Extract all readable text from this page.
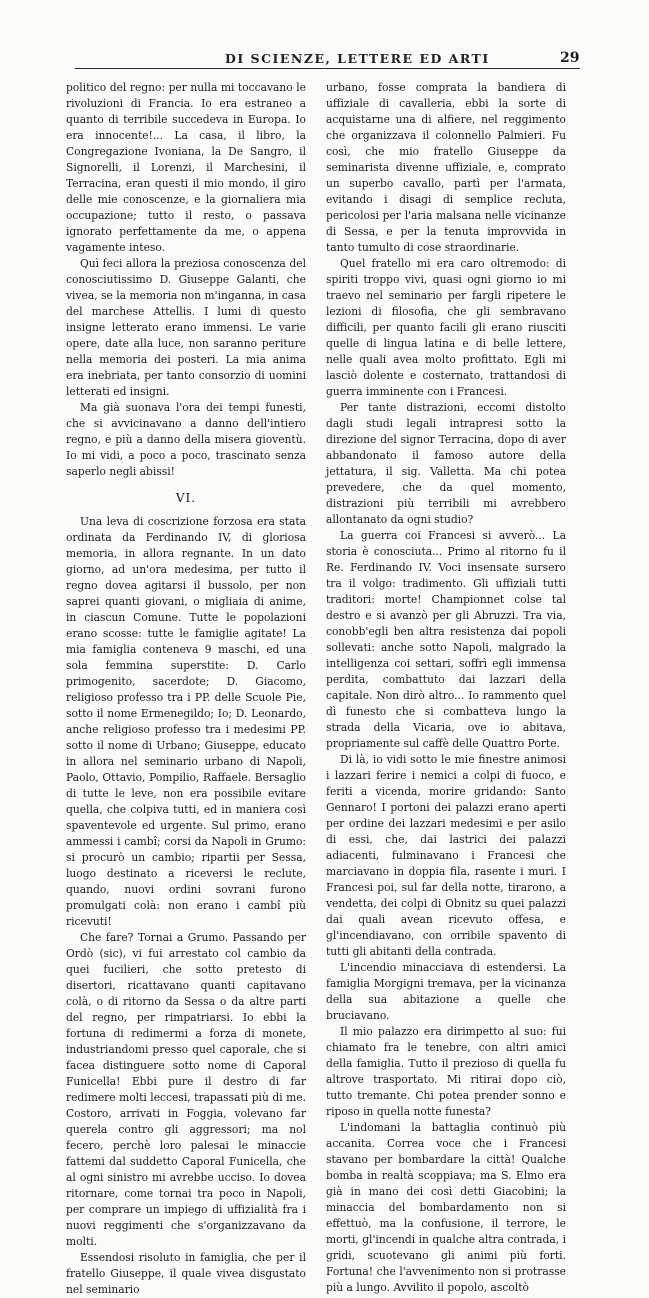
DI SCIENZE, LETTERE ED ARTI	29

politico del regno: per nulla mi toccavano le rivoluzioni di Francia. Io era estraneo a quanto di terribile succedeva in Europa. Io era innocente!... La casa, il libro, la Congregazione Ivoniana, la De Sangro, il Signorelli, il Lorenzi, il Marchesini, il Terracina, eran questi il mio mondo, il giro delle mie conoscenze, e la giornaliera mia occupazione; tutto il resto, o passava ignorato perfettamente da me, o appena vagamente inteso.

Quì feci allora la preziosa conoscenza del conosciutissimo D. Giuseppe Galanti, che vivea, se la memoria non m'inganna, in casa del marchese Attellis. I lumi di questo insigne letterato erano immensi. Le varie opere, date alla luce, non saranno periture nella memoria dei posteri. La mia anima era inebriata, per tanto consorzio di uomini letterati ed insigni.

Ma già suonava l'ora dei tempi funesti, che si avvicinavano a danno dell'intiero regno, e più a danno della misera gioventù. Io mi vidi, a poco a poco, trascinato senza saperlo negli abissi!

VI.

Una leva di coscrizione forzosa era stata ordinata da Ferdinando IV, di gloriosa memoria, in allora regnante. In un dato giorno, ad un'ora medesima, per tutto il regno dovea agitarsi il bussolo, per non saprei quanti giovani, o migliaia di anime, in ciascun Comune. Tutte le popolazioni erano scosse: tutte le famiglie agitate! La mia famiglia conteneva 9 maschi, ed una sola femmina superstite: D. Carlo primogenito, sacerdote; D. Giacomo, religioso professo tra i PP. delle Scuole Pie, sotto il nome Ermenegildo; Io; D. Leonardo, anche religioso professo tra i medesimi PP. sotto il nome di Urbano; Giuseppe, educato in allora nel seminario urbano di Napoli, Paolo, Ottavio, Pompilio, Raffaele. Bersaglio di tutte le leve, non era possibile evitare quella, che colpiva tutti, ed in maniera così spaventevole ed urgente. Sul primo, erano ammessi i cambî; corsi da Napoli in Grumo: si procurò un cambio; ripartii per Sessa, luogo destinato a riceversi le reclute, quando, nuovi ordini sovrani furono promulgati colà: non erano i cambî più ricevuti!

Che fare? Tornai a Grumo. Passando per Ordò (sic), vi fui arrestato col cambio da quei fucilieri, che sotto pretesto di disertori, ricattavano quanti capitavano colà, o di ritorno da Sessa o da altre parti del regno, per rimpatriarsi. Io ebbi la fortuna di redimermi a forza di monete, industriandomi presso quel caporale, che si facea distinguere sotto nome di Caporal Funicella! Ebbi pure il destro di far redimere molti leccesi, trapassati più di me. Costoro, arrivati in Foggia, volevano far querela contro gli aggressori; ma nol fecero, perchè loro palesai le minaccie fattemi dal suddetto Caporal Funicella, che al ogni sinistro mi avrebbe ucciso. Io dovea ritornare, come tornai tra poco in Napoli, per comprare un impiego di uffizialità fra i nuovi reggimenti che s'organizzavano da molti.

Essendosi risoluto in famiglia, che per il fratello Giuseppe, il quale vivea disgustato nel seminario

urbano, fosse comprata la bandiera di uffiziale di cavalleria, ebbi la sorte di acquistarne una di alfiere, nel reggimento che organizzava il colonnello Palmieri. Fu così, che mio fratello Giuseppe da seminarista divenne uffiziale, e, comprato un superbo cavallo, partì per l'armata, evitando i disagi di semplice recluta, pericolosi per l'aria malsana nelle vicinanze di Sessa, e per la tenuta improvvida in tanto tumulto di cose straordinarie.

Quel fratello mi era caro oltremodo: di spiriti troppo vivi, quasi ogni giorno io mi traevo nel seminario per fargli ripetere le lezioni di filosofia, che gli sembravano difficili, per quanto facili gli erano riusciti quelle di lingua latina e di belle lettere, nelle quali avea molto profittato. Egli mi lasciò dolente e costernato, trattandosi di guerra imminente con i Francesi.

Per tante distrazioni, eccomi distolto dagli studi legali intrapresi sotto la direzione del signor Terracina, dopo di aver abbandonato il famoso autore della jettatura, il sig. Valletta. Ma chi potea prevedere, che da quel momento, distrazioni più terribili mi avrebbero allontanato da ogni studio?

La guerra coi Francesi si avverò... La storia è conosciuta... Primo al ritorno fu il Re. Ferdinando IV. Voci insensate sursero tra il volgo: tradimento. Gli uffiziali tutti traditori: morte! Championnet colse tal destro e si avanzò per gli Abruzzi. Tra via, conobb'egli ben altra resistenza dai popoli sollevati: anche sotto Napoli, malgrado la intelligenza coi settari, soffrì egli immensa perdita, combattuto dai lazzari della capitale. Non dirò altro... Io rammento quel dì funesto che si combatteva lungo la strada della Vicaria, ove io abitava, propriamente sul caffè delle Quattro Porte.

Di là, io vidi sotto le mie finestre animosi i lazzari ferire i nemici a colpi di fuoco, e feriti a vicenda, morire gridando: Santo Gennaro! I portoni dei palazzi erano aperti per ordine dei lazzari medesimi e per asilo di essi, che, dai lastrici dei palazzi adiacenti, fulminavano i Francesi che marciavano in doppia fila, rasente i muri. I Francesi poi, sul far della notte, tirarono, a vendetta, dei colpi di Obnitz su quei palazzi dai quali avean ricevuto offesa, e gl'incendiavano, con orribile spavento di tutti gli abitanti della contrada.

L'incendio minacciava di estendersi. La famiglia Morgigni tremava, per la vicinanza della sua abitazione a quelle che bruciavano.

Il mio palazzo era dirimpetto al suo: fui chiamato fra le tenebre, con altri amici della famiglia. Tutto il prezioso di quella fu altrove trasportato. Mi ritirai dopo ciò, tutto tremante. Chi potea prender sonno e riposo in quella notte funesta?

L'indomani la battaglia continuò più accanita. Correa voce che i Francesi stavano per bombardare la città! Qualche bomba in realtà scoppiava; ma S. Elmo era già in mano dei così detti Giacobini; la minaccia del bombardamento non si effettuò, ma la confusione, il terrore, le morti, gl'incendi in qualche altra contrada, i gridi, scuotevano gli animi più forti. Fortuna! che l'avvenimento non si protrasse più a lungo. Avvilito il popolo, ascoltò
